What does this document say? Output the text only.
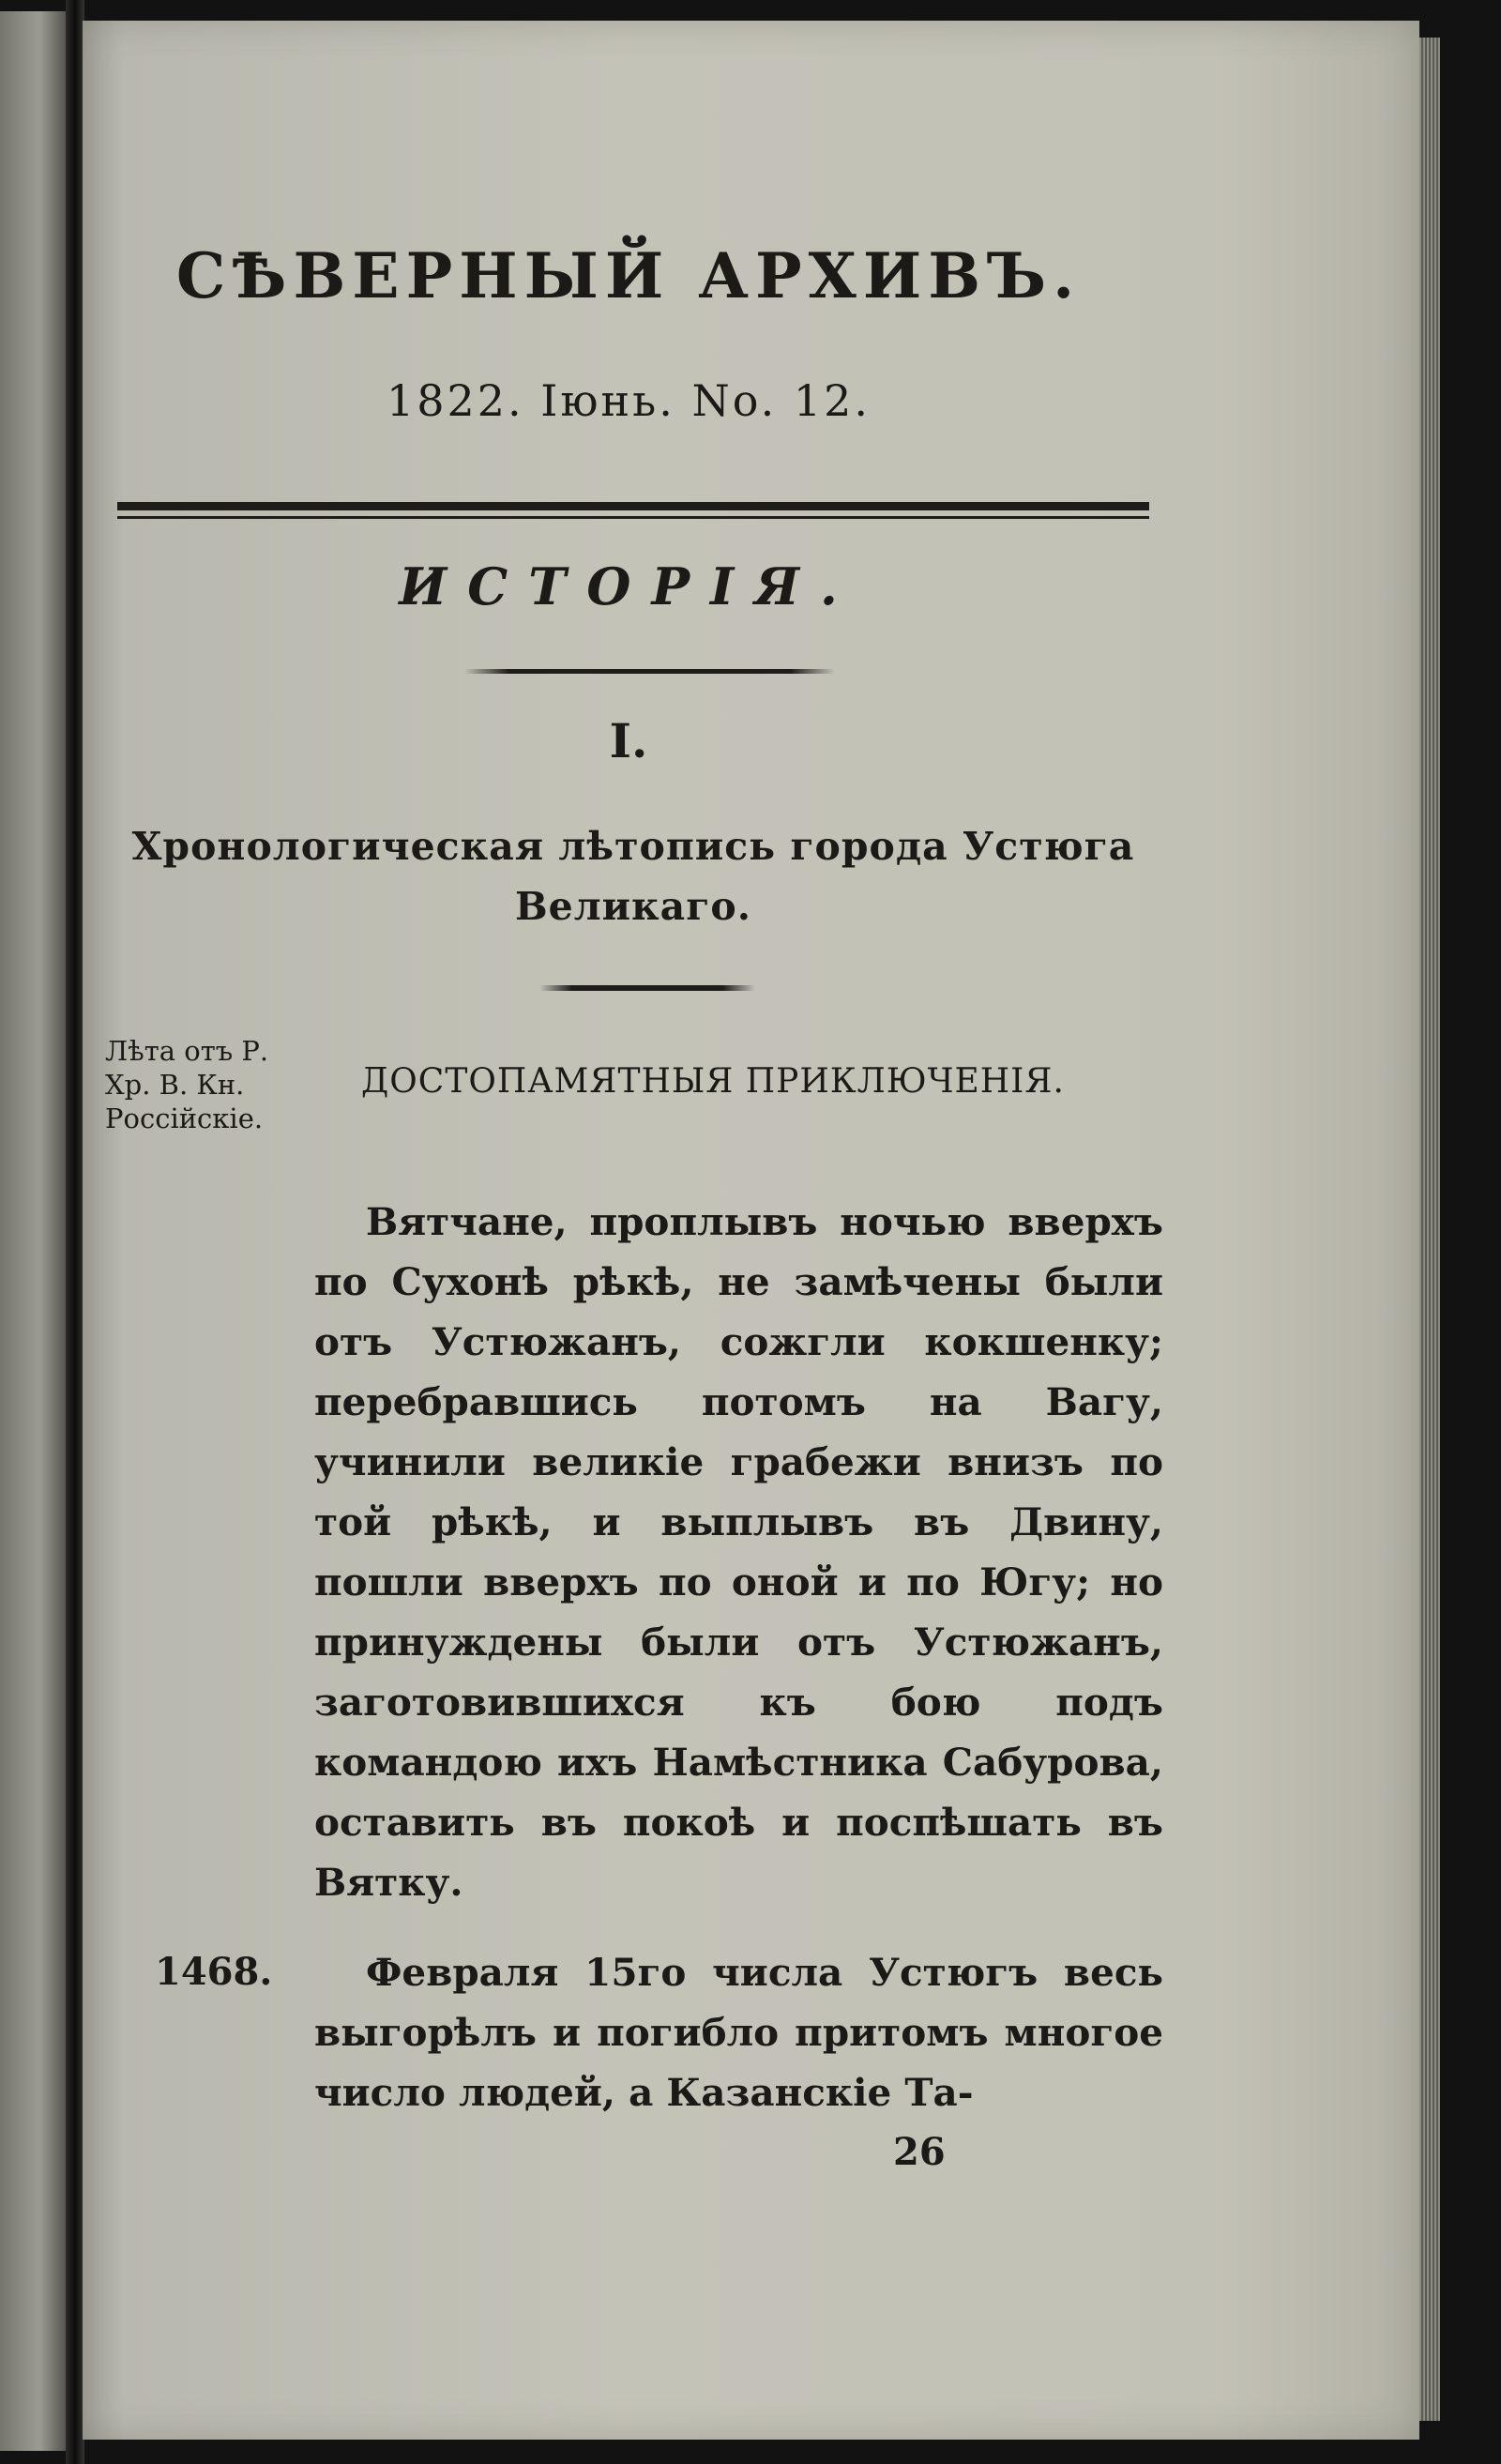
СѢВЕРНЫЙ АРХИВЪ.
1822. Іюнь. No. 12.
ИСТОРІЯ.
I.
Хронологическая лѣтопись города Устюга Великаго.
Лѣта отъ Р.
Хр. В. Кн.
Россійскіе.
ДОСТОПАМЯТНЫЯ ПРИКЛЮЧЕНІЯ.
Вятчане, проплывъ ночью вверхъ по Сухонѣ рѣкѣ, не замѣчены были отъ Устюжанъ, сожгли кокшенку; перебравшись потомъ на Вагу, учинили великіе грабежи внизъ по той рѣкѣ, и выплывъ въ Двину, пошли вверхъ по оной и по Югу; но принуждены были отъ Устюжанъ, заготовившихся къ бою подъ командою ихъ Намѣстника Сабурова, оставить въ покоѣ и поспѣшать въ Вятку.
1468.	Февраля 15го числа Устюгъ весь выгорѣлъ и погибло притомъ многое число людей, а Казанскіе Та-
26
